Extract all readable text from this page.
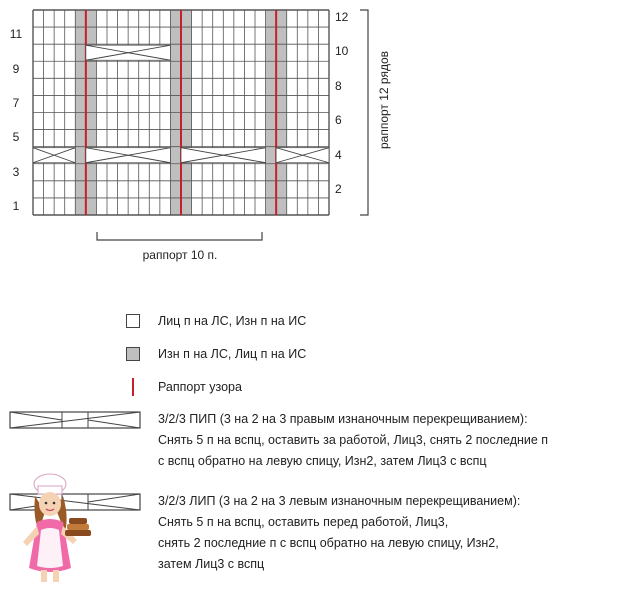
11
9
7
5
3
1
12
10
8
6
4
2
раппорт 12 рядов
раппорт 10 п.
Лиц п на ЛС, Изн п на ИС
Изн п на ЛС, Лиц п на ИС
Раппорт узора
3/2/3 ПИП (3 на 2 на 3 правым изнаночным перекрещиванием):
Снять 5 п на вспц, оставить за работой, Лиц3, снять 2 последние п
с вспц обратно на левую спицу, Изн2, затем Лиц3 с вспц
3/2/3 ЛИП (3 на 2 на 3 левым изнаночным перекрещиванием):
Снять 5 п на вспц, оставить перед работой, Лиц3,
снять 2 последние п с вспц обратно на левую спицу, Изн2,
затем Лиц3 с вспц
